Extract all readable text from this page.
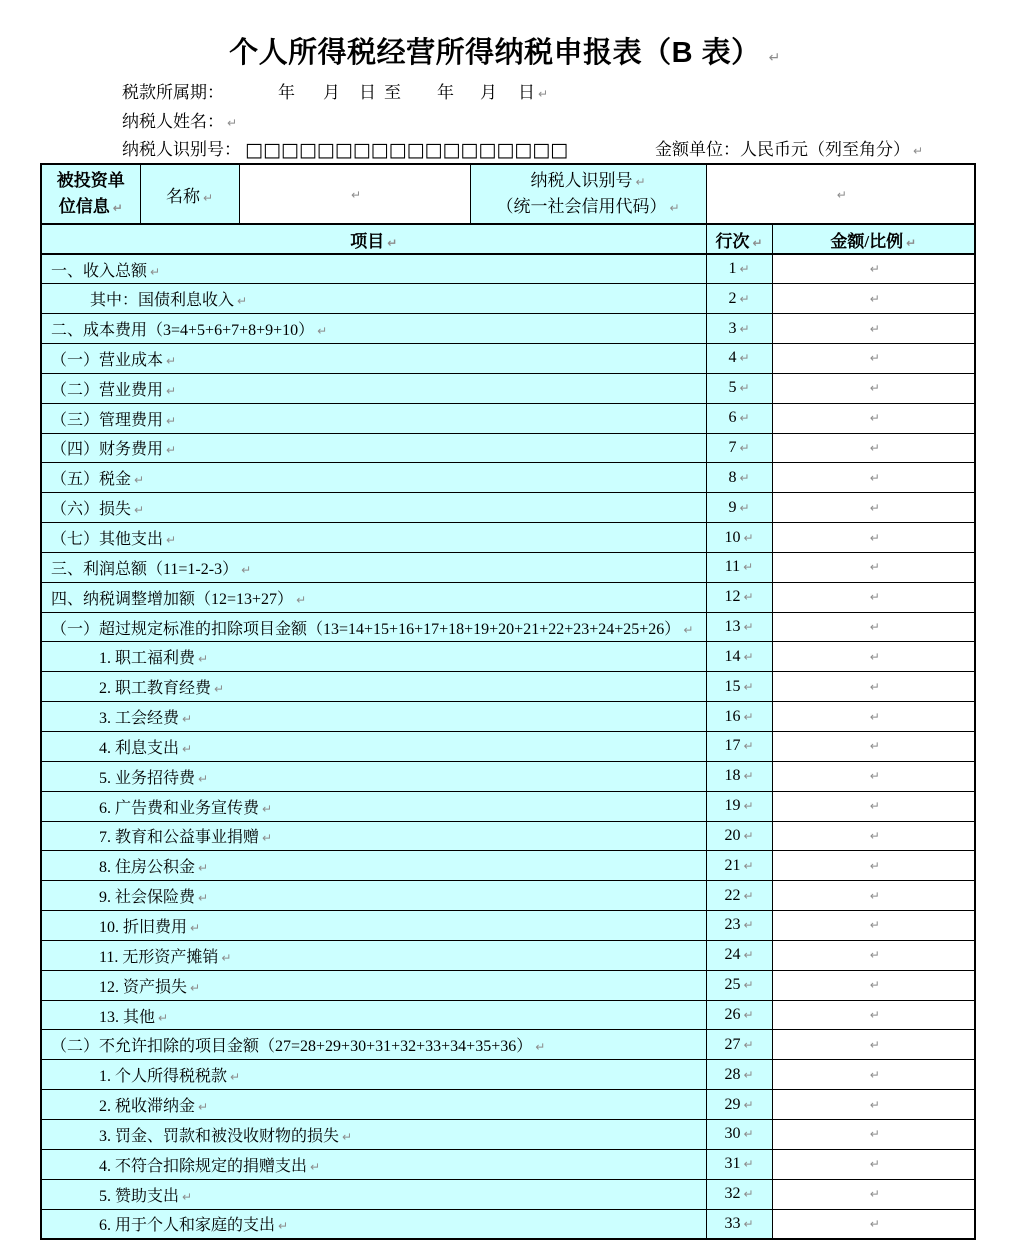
个人所得税经营所得纳税申报表（B 表） ↵
税款所属期：	年 月 日 至 年 月 日 ↵
纳税人姓名： ↵
纳税人识别号： □□□□□□□□□□□□□□□□□□	金额单位：人民币元（列至角分） ↵
被投资单位信息 ↵	名称 ↵	↵	纳税人识别号 ↵
（统一社会信用代码） ↵	↵	
项目 ↵				行次 ↵	金额/比例 ↵
一、收入总额 ↵				1 ↵	↵
其中：国债利息收入 ↵				2 ↵	↵
二、成本费用（3=4+5+6+7+8+9+10） ↵				3 ↵	↵
（一）营业成本 ↵				4 ↵	↵
（二）营业费用 ↵				5 ↵	↵
（三）管理费用 ↵				6 ↵	↵
（四）财务费用 ↵				7 ↵	↵
（五）税金 ↵				8 ↵	↵
（六）损失 ↵				9 ↵	↵
（七）其他支出 ↵				10 ↵	↵
三、利润总额（11=1-2-3） ↵				11 ↵	↵
四、纳税调整增加额（12=13+27） ↵				12 ↵	↵
（一）超过规定标准的扣除项目金额（13=14+15+16+17+18+19+20+21+22+23+24+25+26） ↵				13 ↵	↵
1. 职工福利费 ↵				14 ↵	↵
2. 职工教育经费 ↵				15 ↵	↵
3. 工会经费 ↵				16 ↵	↵
4. 利息支出 ↵				17 ↵	↵
5. 业务招待费 ↵				18 ↵	↵
6. 广告费和业务宣传费 ↵				19 ↵	↵
7. 教育和公益事业捐赠 ↵				20 ↵	↵
8. 住房公积金 ↵				21 ↵	↵
9. 社会保险费 ↵				22 ↵	↵
10. 折旧费用 ↵				23 ↵	↵
11. 无形资产摊销 ↵				24 ↵	↵
12. 资产损失 ↵				25 ↵	↵
13. 其他 ↵				26 ↵	↵
（二）不允许扣除的项目金额（27=28+29+30+31+32+33+34+35+36） ↵				27 ↵	↵
1. 个人所得税税款 ↵				28 ↵	↵
2. 税收滞纳金 ↵				29 ↵	↵
3. 罚金、罚款和被没收财物的损失 ↵				30 ↵	↵
4. 不符合扣除规定的捐赠支出 ↵				31 ↵	↵
5. 赞助支出 ↵				32 ↵	↵
6. 用于个人和家庭的支出 ↵				33 ↵	↵
